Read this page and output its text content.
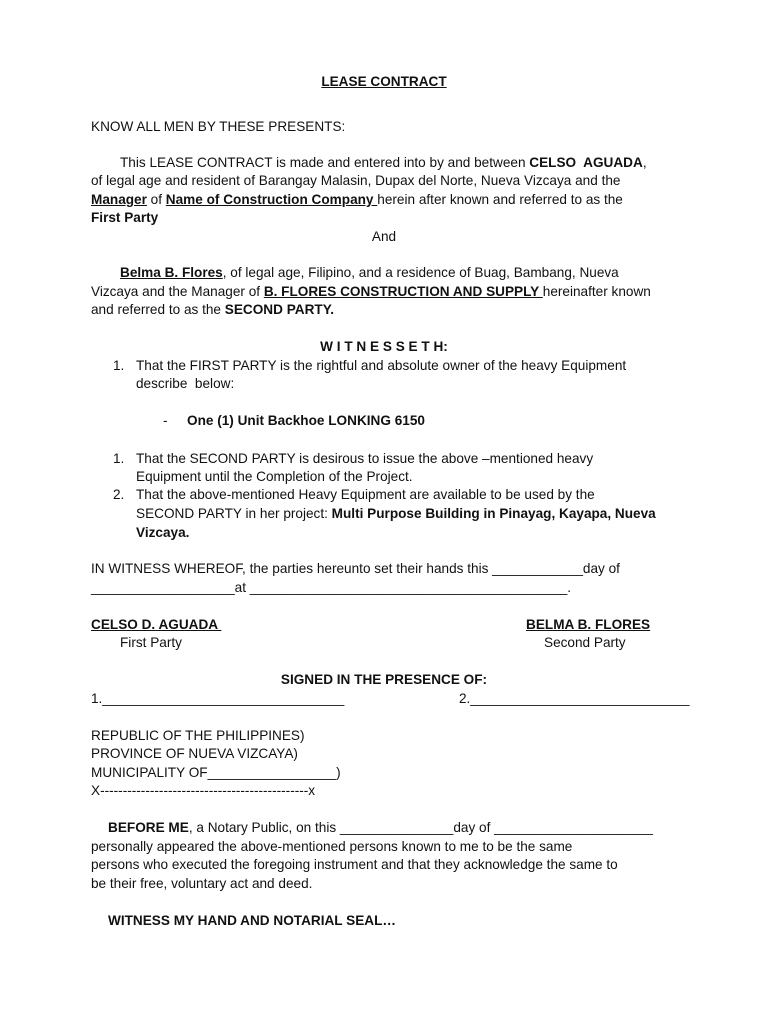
LEASE CONTRACT
KNOW ALL MEN BY THESE PRESENTS:
This LEASE CONTRACT is made and entered into by and between CELSO  AGUADA,
of legal age and resident of Barangay Malasin, Dupax del Norte, Nueva Vizcaya and the
Manager of Name of Construction Company herein after known and referred to as the
First Party
And
Belma B. Flores, of legal age, Filipino, and a residence of Buag, Bambang, Nueva
Vizcaya and the Manager of B. FLORES CONSTRUCTION AND SUPPLY hereinafter known
and referred to as the SECOND PARTY.
W I T N E S S E T H:
1. That the FIRST PARTY is the rightful and absolute owner of the heavy Equipment
describe  below:
- One (1) Unit Backhoe LONKING 6150
1. That the SECOND PARTY is desirous to issue the above –mentioned heavy
Equipment until the Completion of the Project.
2. That the above-mentioned Heavy Equipment are available to be used by the
SECOND PARTY in her project: Multi Purpose Building in Pinayag, Kayapa, Nueva
Vizcaya.
IN WITNESS WHEREOF, the parties hereunto set their hands this ____________day of
___________________at __________________________________________.
CELSO D. AGUADA
First Party
BELMA B. FLORES
Second Party
SIGNED IN THE PRESENCE OF:
1.________________________________	2._____________________________
REPUBLIC OF THE PHILIPPINES)
PROVINCE OF NUEVA VIZCAYA)
MUNICIPALITY OF_________________)
X----------------------------------------------x
BEFORE ME, a Notary Public, on this _______________day of _____________________
personally appeared the above-mentioned persons known to me to be the same
persons who executed the foregoing instrument and that they acknowledge the same to
be their free, voluntary act and deed.
WITNESS MY HAND AND NOTARIAL SEAL…
